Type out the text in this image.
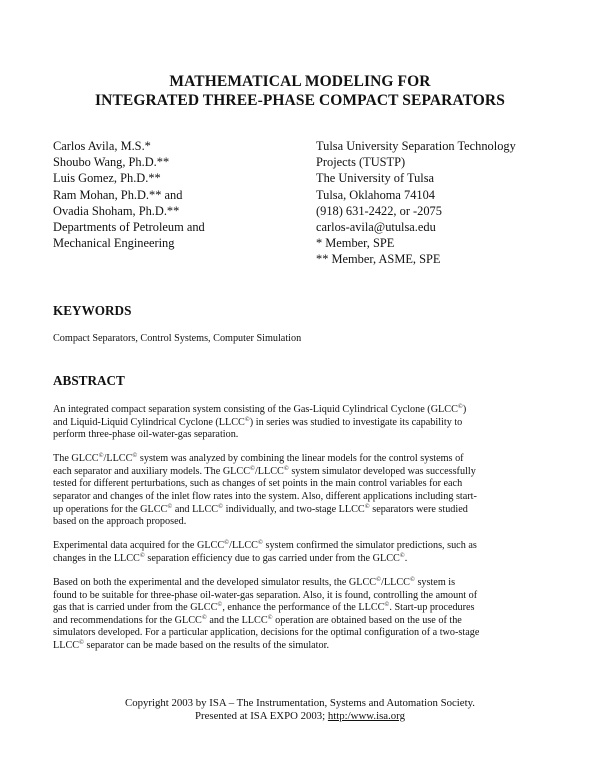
MATHEMATICAL MODELING FOR
INTEGRATED THREE-PHASE COMPACT SEPARATORS
Carlos Avila, M.S.*
Shoubo Wang, Ph.D.**
Luis Gomez, Ph.D.**
Ram Mohan, Ph.D.** and
Ovadia Shoham, Ph.D.**
Departments of Petroleum and
Mechanical Engineering
Tulsa University Separation Technology
Projects (TUSTP)
The University of Tulsa
Tulsa, Oklahoma 74104
(918) 631-2422, or -2075
carlos-avila@utulsa.edu
* Member, SPE
** Member, ASME, SPE
KEYWORDS
Compact Separators, Control Systems, Computer Simulation
ABSTRACT

An integrated compact separation system consisting of the Gas-Liquid Cylindrical Cyclone (GLCC©)
and Liquid-Liquid Cylindrical Cyclone (LLCC©) in series was studied to investigate its capability to
perform three-phase oil-water-gas separation.

The GLCC©/LLCC© system was analyzed by combining the linear models for the control systems of
each separator and auxiliary models. The GLCC©/LLCC© system simulator developed was successfully
tested for different perturbations, such as changes of set points in the main control variables for each
separator and changes of the inlet flow rates into the system. Also, different applications including start-
up operations for the GLCC© and LLCC© individually, and two-stage LLCC© separators were studied
based on the approach proposed.

Experimental data acquired for the GLCC©/LLCC© system confirmed the simulator predictions, such as
changes in the LLCC© separation efficiency due to gas carried under from the GLCC©.

Based on both the experimental and the developed simulator results, the GLCC©/LLCC© system is
found to be suitable for three-phase oil-water-gas separation. Also, it is found, controlling the amount of
gas that is carried under from the GLCC©, enhance the performance of the LLCC©. Start-up procedures
and recommendations for the GLCC© and the LLCC© operation are obtained based on the use of the
simulators developed. For a particular application, decisions for the optimal configuration of a two-stage
LLCC© separator can be made based on the results of the simulator.

Copyright 2003 by ISA – The Instrumentation, Systems and Automation Society.
Presented at ISA EXPO 2003; http:/www.isa.org
